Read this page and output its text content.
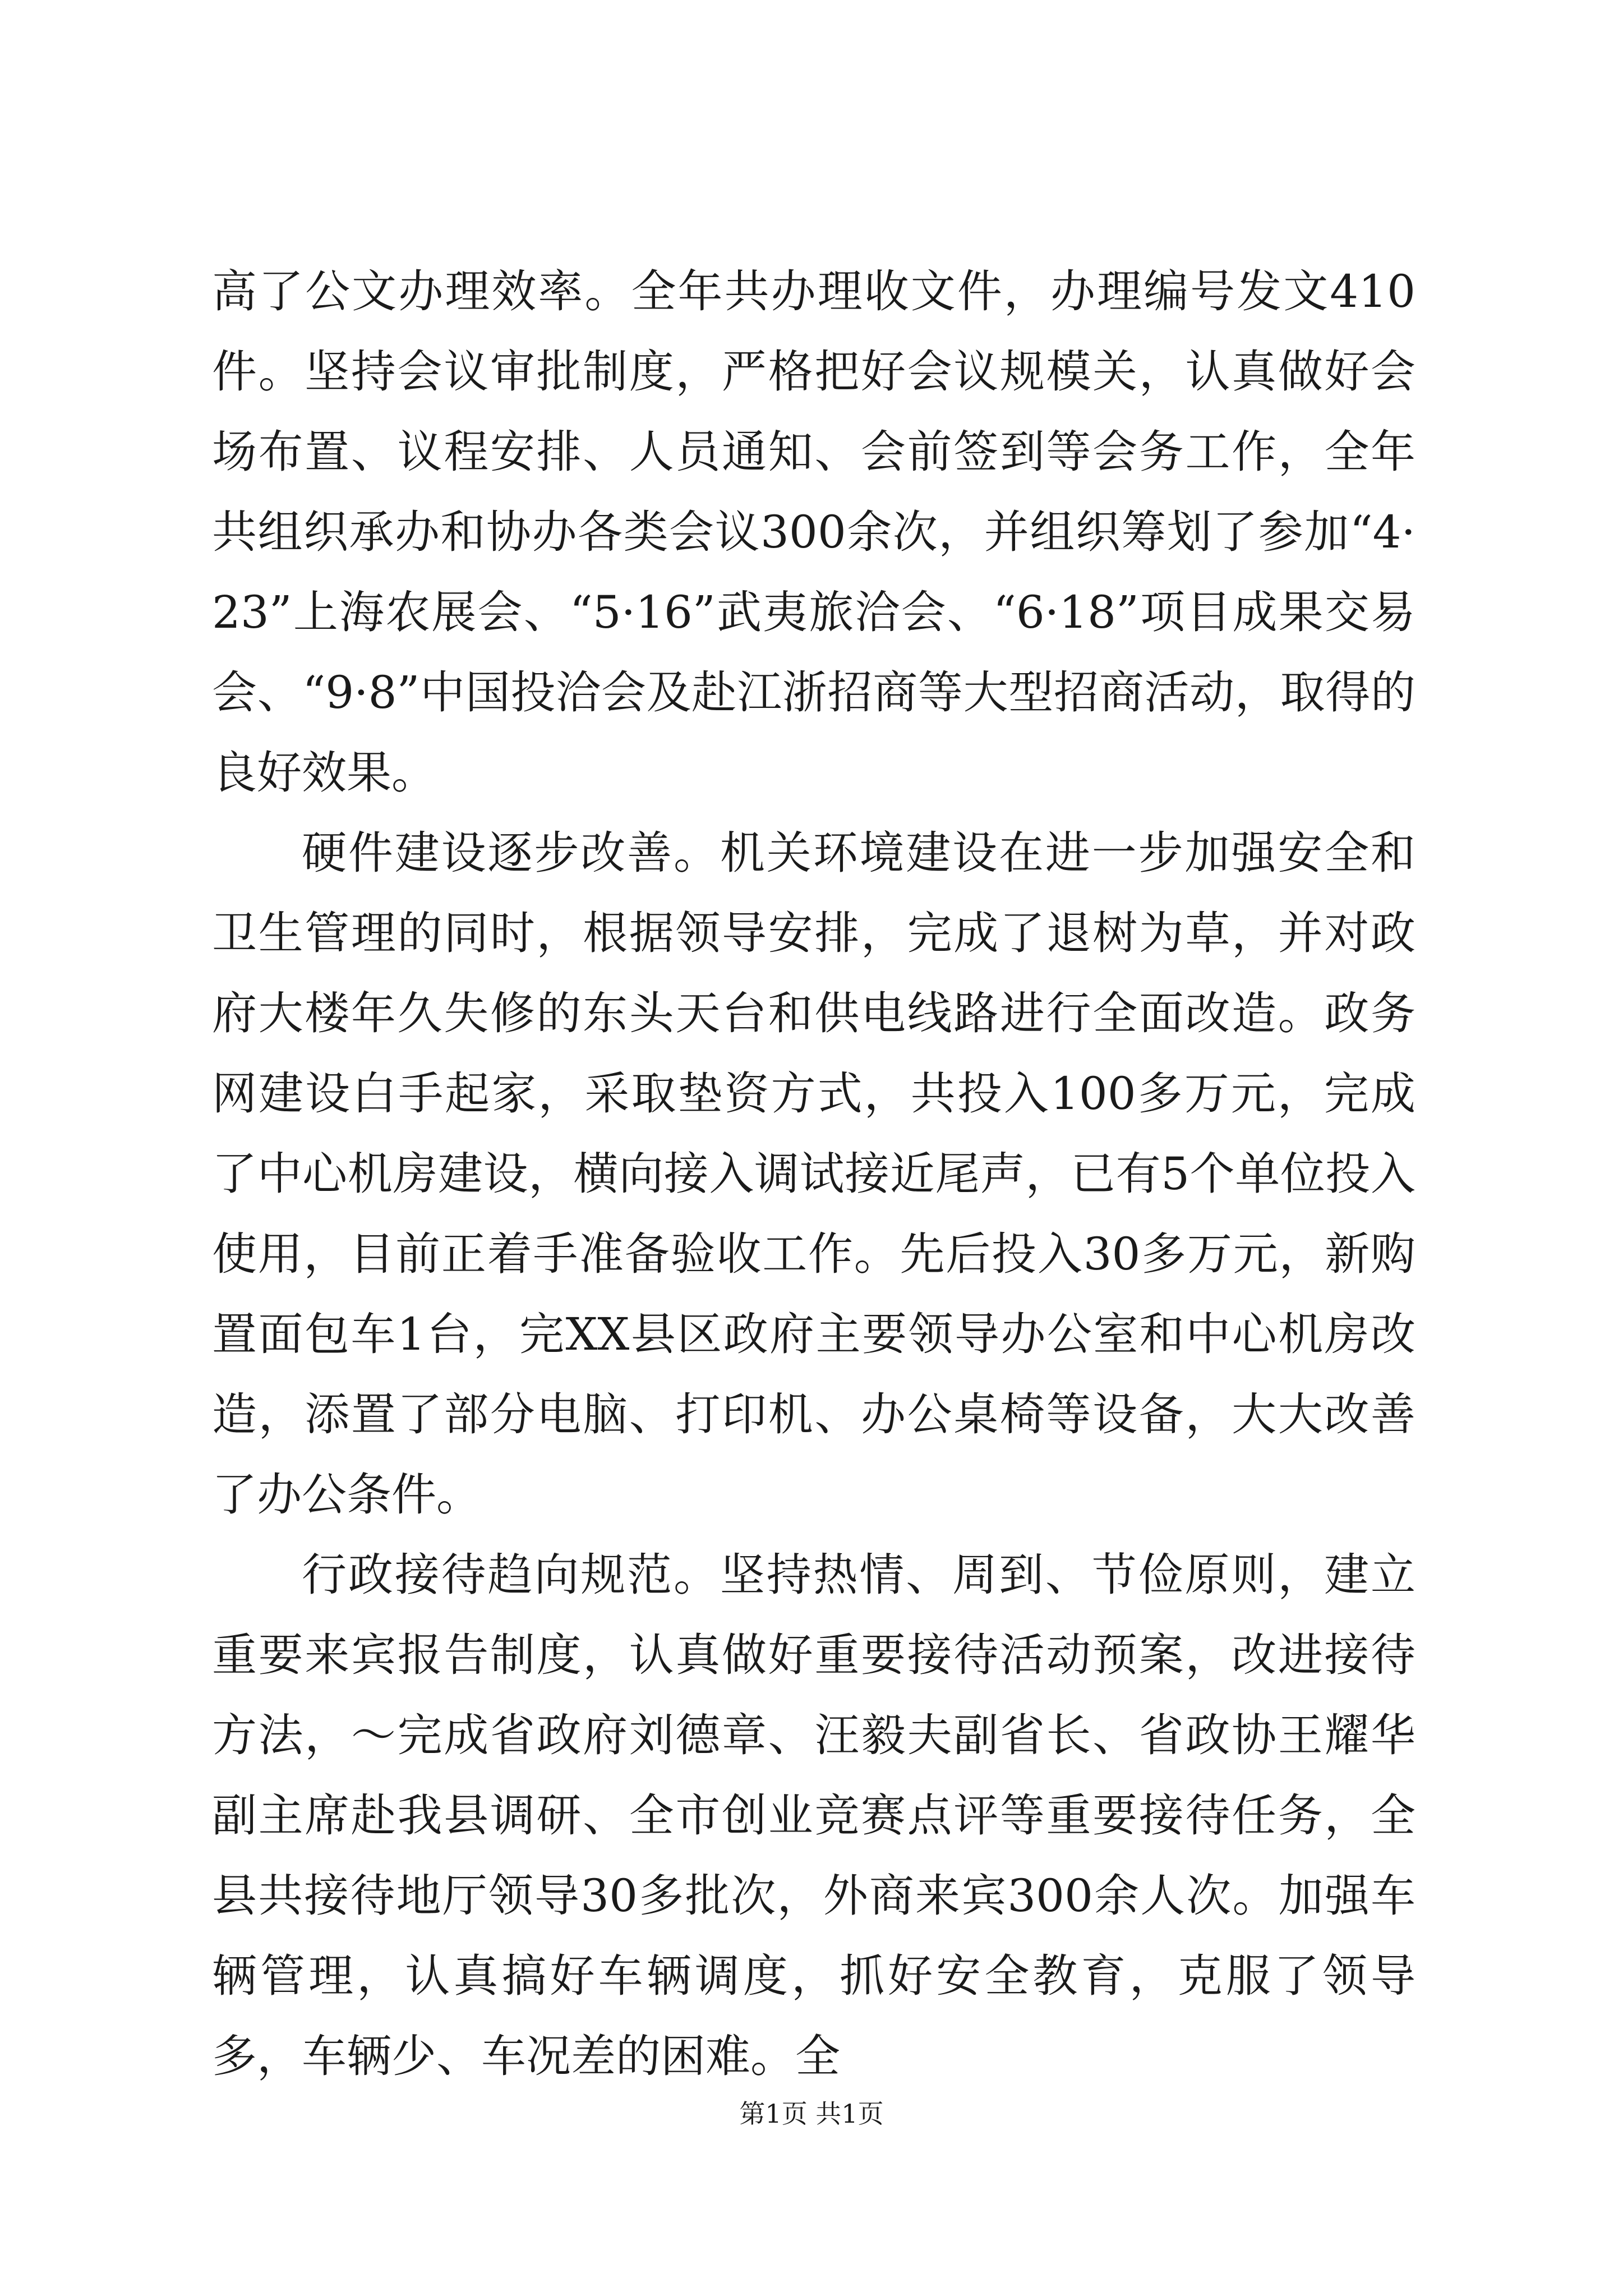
高了公文办理效率。全年共办理收文件，办理编号发文410件。坚持会议审批制度，严格把好会议规模关，认真做好会场布置、议程安排、人员通知、会前签到等会务工作，全年共组织承办和协办各类会议300余次，并组织筹划了参加“4·23”上海农展会、“5·16”武夷旅洽会、“6·18”项目成果交易会、“9·8”中国投洽会及赴江浙招商等大型招商活动，取得的良好效果。

硬件建设逐步改善。机关环境建设在进一步加强安全和卫生管理的同时，根据领导安排，完成了退树为草，并对政府大楼年久失修的东头天台和供电线路进行全面改造。政务网建设白手起家，采取垫资方式，共投入100多万元，完成了中心机房建设，横向接入调试接近尾声，已有5个单位投入使用，目前正着手准备验收工作。先后投入30多万元，新购置面包车1台，完XX县区政府主要领导办公室和中心机房改造，添置了部分电脑、打印机、办公桌椅等设备，大大改善了办公条件。

行政接待趋向规范。坚持热情、周到、节俭原则，建立重要来宾报告制度，认真做好重要接待活动预案，改进接待方法，～完成省政府刘德章、汪毅夫副省长、省政协王耀华副主席赴我县调研、全市创业竞赛点评等重要接待任务，全县共接待地厅领导30多批次，外商来宾300余人次。加强车辆管理，认真搞好车辆调度，抓好安全教育，克服了领导多，车辆少、车况差的困难。全

第1页 共1页
